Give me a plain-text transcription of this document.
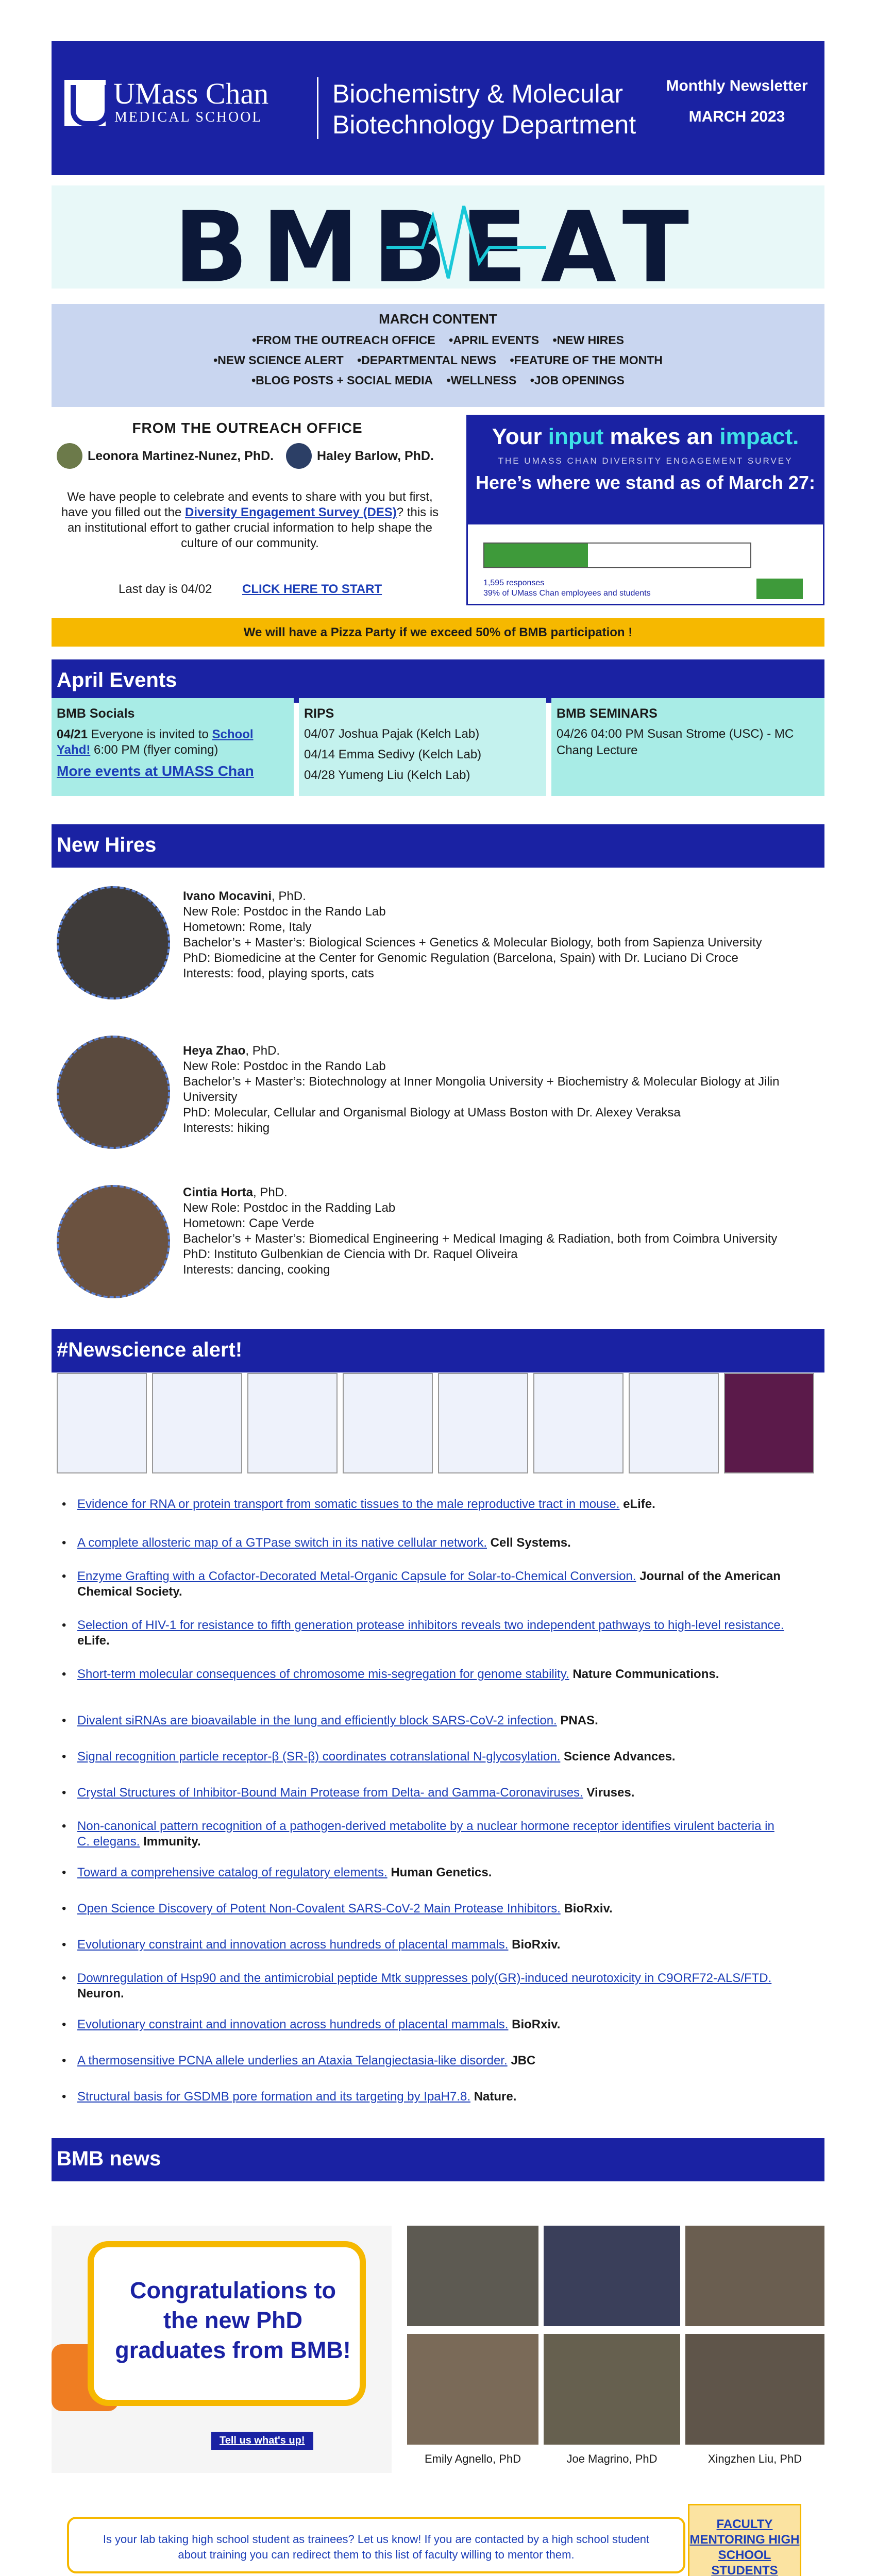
UMass Chan
MEDICAL SCHOOL
Biochemistry & Molecular Biotechnology Department
Monthly Newsletter
MARCH 2023
BMBEAT
MARCH CONTENT
•FROM THE OUTREACH OFFICE •APRIL EVENTS •NEW HIRES
•NEW SCIENCE ALERT •DEPARTMENTAL NEWS •FEATURE OF THE MONTH
•BLOG POSTS + SOCIAL MEDIA •WELLNESS •JOB OPENINGS
FROM THE OUTREACH OFFICE
Leonora Martinez-Nunez, PhD.	Haley Barlow, PhD.
We have people to celebrate and events to share with you but first, have you filled out the Diversity Engagement Survey (DES)? this is an institutional effort to gather crucial information to help shape the culture of our community.
Last day is 04/02 CLICK HERE TO START
Your input makes an impact.
THE UMASS CHAN DIVERSITY ENGAGEMENT SURVEY
Here’s where we stand as of March 27:
1,595 responses
39% of UMass Chan employees and students
We will have a Pizza Party if we exceed 50% of BMB participation !
April Events
BMB Socials
04/21 Everyone is invited to School Yahd! 6:00 PM (flyer coming)
More events at UMASS Chan
RIPS
04/07 Joshua Pajak (Kelch Lab)
04/14 Emma Sedivy (Kelch Lab)
04/28 Yumeng Liu (Kelch Lab)
BMB SEMINARS
04/26 04:00 PM Susan Strome (USC) - MC Chang Lecture
New Hires
Ivano Mocavini, PhD.
New Role: Postdoc in the Rando Lab
Hometown: Rome, Italy
Bachelor’s + Master’s: Biological Sciences + Genetics & Molecular Biology, both from Sapienza University
PhD: Biomedicine at the Center for Genomic Regulation (Barcelona, Spain) with Dr. Luciano Di Croce
Interests: food, playing sports, cats
Heya Zhao, PhD.
New Role: Postdoc in the Rando Lab
Bachelor’s + Master’s: Biotechnology at Inner Mongolia University + Biochemistry & Molecular Biology at Jilin University
PhD: Molecular, Cellular and Organismal Biology at UMass Boston with Dr. Alexey Veraksa
Interests: hiking
Cintia Horta, PhD.
New Role: Postdoc in the Radding Lab
Hometown: Cape Verde
Bachelor’s + Master’s: Biomedical Engineering + Medical Imaging & Radiation, both from Coimbra University
PhD: Instituto Gulbenkian de Ciencia with Dr. Raquel Oliveira
Interests: dancing, cooking
#Newscience alert!
• Evidence for RNA or protein transport from somatic tissues to the male reproductive tract in mouse. eLife.
• A complete allosteric map of a GTPase switch in its native cellular network. Cell Systems.
• Enzyme Grafting with a Cofactor-Decorated Metal-Organic Capsule for Solar-to-Chemical Conversion. Journal of the American Chemical Society.
• Selection of HIV-1 for resistance to fifth generation protease inhibitors reveals two independent pathways to high-level resistance. eLife.
• Short-term molecular consequences of chromosome mis-segregation for genome stability. Nature Communications.
• Divalent siRNAs are bioavailable in the lung and efficiently block SARS-CoV-2 infection. PNAS.
• Signal recognition particle receptor-β (SR-β) coordinates cotranslational N-glycosylation. Science Advances.
• Crystal Structures of Inhibitor-Bound Main Protease from Delta- and Gamma-Coronaviruses. Viruses.
• Non-canonical pattern recognition of a pathogen-derived metabolite by a nuclear hormone receptor identifies virulent bacteria in C. elegans. Immunity.
• Toward a comprehensive catalog of regulatory elements. Human Genetics.
• Open Science Discovery of Potent Non-Covalent SARS-CoV-2 Main Protease Inhibitors. BioRxiv.
• Evolutionary constraint and innovation across hundreds of placental mammals. BioRxiv.
• Downregulation of Hsp90 and the antimicrobial peptide Mtk suppresses poly(GR)-induced neurotoxicity in C9ORF72-ALS/FTD. Neuron.
• Evolutionary constraint and innovation across hundreds of placental mammals. BioRxiv.
• A thermosensitive PCNA allele underlies an Ataxia Telangiectasia-like disorder. JBC
• Structural basis for GSDMB pore formation and its targeting by IpaH7.8. Nature.
BMB news
Congratulations to the new PhD graduates from BMB!
Tell us what's up!
Emily Agnello, PhD	Joe Magrino, PhD	Xingzhen Liu, PhD
Is your lab taking high school student as trainees? Let us know! If you are contacted by a high school student about training you can redirect them to this list of faculty willing to mentor them.
FACULTY MENTORING HIGH SCHOOL STUDENTS
